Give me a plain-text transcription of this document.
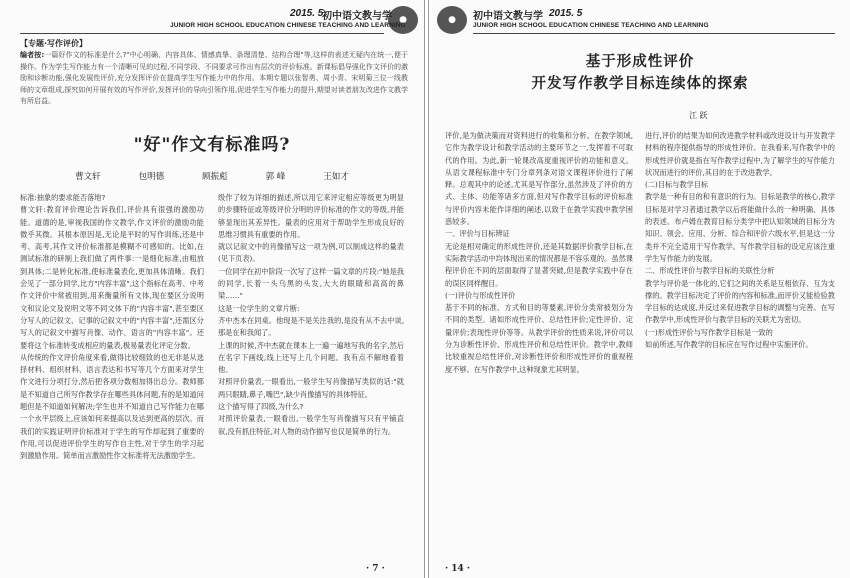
●
2015. 5
初中语文教与学
JUNIOR HIGH SCHOOL EDUCATION CHINESE TEACHING AND LEARNING
【专题·写作评价】
编者按:一篇好作文的标准是什么?"中心明确、内容具体、情感真挚、条理清楚、结构合理"等,这样的表述无疑内在统一,便于操作。作为学生写作能力有一个清晰可见的过程,不同学段、不同要求可作出有层次的评价标准。新课标倡导强化作文评价的激励和诊断功能,强化发展性评价,充分发挥评价在提高学生写作能力中的作用。本期专题以张智勇、周小青、宋明菊三位一线教师的文章组成,探究如何开展有效的写作评价,发挥评价的导向引领作用,促进学生写作能力的提升,期望对读者朋友改进作文教学有所启益。
"好"作文有标准吗?
曹文轩	包明德	顾振彪	郭 峰	王如才
标准:抽象的要求能否落地?
曹文轩:教育评价理论告诉我们,评价具有很强的激励功能。道德的是,审视我国的作文教学,作文评价的激励功能微乎其微。其根本原因是,无论是平时的写作训练,还是中考、高考,其作文评价标准都是模糊不可感知的。比如,在测试标准的研制上我们做了两件事:一是细化标准,由粗放到具体;二是转化标准,使标准量表化,更加具体清晰。我们会见了一部分同学,比方"内容丰富",这个指标在高考、中考作文评价中常被用到,用来衡量所有文体,现在要区分说明文和议论文及说明文等不同文体下的"内容丰富",甚至要区分写人的记叙文、记事的记叙文中的"内容丰富",还需区分写人的记叙文中描写肖像、动作、语言的"内容丰富"。还要将这个标准转变成相应的量表,极易量表化评定分数。
从传统的作文评价角度来看,做得比较细致的也无非是从选择材料、组织材料、语言表达和书写等几个方面来对学生作文进行分项打分,然后把各项分数相加得出总分。教师都是不知道自己所写作教学存在哪些具体问题,有的是知道问题但是不知道如何解决;学生也并不知道自己写作能力在哪一个水平层级上,应该如何来提高以及达到更高的层次。而我们的实践证明评价标准对于学生的写作却起到了重要的作用,可以促进评价学生的写作自主性,对于学生的学习起到激励作用。简单而言激励性作文标准将无法激励学生。
级作了较为详细的描述,所以用它来评定相应等级更为明显的步骤特征或等级评价分明的评价标准的作文的等级,并能够显现出其差异性。量表的应用对于帮助学生形成良好的思维习惯具有重要的作用。
就以记叙文中的肖像描写这一项为例,可以制成这样的量表(见下页表)。
一位同学在初中阶段一次写了这样一篇文章的片段:"她是我的同学,长着一头乌黑的头发,大大的眼睛和高高的鼻梁……"
这是一位学生的文章片断:
齐中杰本在同桌。他现是不是关注我的,是没有从不去中谈,那是在和我闻了。
上课的时候,齐中杰就在课本上一遍一遍地写我的名字,然后在名字下画线,线上还写上几个问题。我有点不解地看着他。
对照评价量表,一眼看出,一般学生写肖像描写类似的话:"就两只眼睛,鼻子,嘴巴",缺少肖像描写的具体特征。
这个描写得了四级,为什么?
对照评价量表,一眼看出,一般学生写肖像描写只有平铺直叙,没有抓住特征,对人物的动作描写也仅是简单的行为。
· 7 ·
●	初中语文教与学 2015. 5
JUNIOR HIGH SCHOOL EDUCATION CHINESE TEACHING AND LEARNING
基于形成性评价
开发写作教学目标连续体的探索
江 跃
评价,是为做决策而对资料进行的收集和分析。在教学领域,它作为教学设计和教学活动的主要环节之一,发挥着不可取代的作用。为此,新一轮课改高度重视评价的功能和意义。从语文课程标准中专门分章列条对语文课程评价进行了阐释。总观其中的论述,尤其是写作部分,虽然涉及了评价的方式、主体、功能等诸多方面,但对写作教学目标的评价标准与评价内容未能作详细的阐述,以致于在教学实践中教学困惑较多。
一、评价与目标辨证
无论是相对确定的形成性评价,还是其数据评价教学目标,在实际教学活动中均体现出来的情况都是不容乐观的。虽然课程评价在不同的层面取得了显著突破,但是教学实践中存在的误区同样醒目。
(一)评价与形成性评价
基于不同的标准、方式和目的等要素,评价分类常被划分为不同的类型。诸如形成性评价、总结性评价;定性评价、定量评价;表现性评价等等。从教学评价的性质来说,评价可以分为诊断性评价、形成性评价和总结性评价。教学中,教师比较重视总结性评价,对诊断性评价和形成性评价的重视程度不够。在写作教学中,这种现象尤其明显。
进行,评价的结果为如何改进教学材料或改进设计与开发教学材料的程序提供指导的形成性评价。在我看来,写作教学中的形成性评价就是指在写作教学过程中,为了解学生的写作能力状况而进行的评价,其目的在于改进教学。
(二)目标与教学目标
教学是一种有目的和有意识的行为。目标是教学的核心,教学目标是对学习者通过教学以后将能做什么的一种明确、具体的表述。布卢姆在教育目标分类学中把认知领域的目标分为知识、领会、应用、分析、综合和评价六级水平,但是这一分类并不完全适用于写作教学。写作教学目标的设定应该注重学生写作能力的发展。
二、形成性评价与教学目标的关联性分析
教学与评价是一体化的,它们之间的关系是互相依存、互为支撑的。教学目标决定了评价的内容和标准,而评价又能检验教学目标的达成度,并反过来促进教学目标的调整与完善。在写作教学中,形成性评价与教学目标的关联尤为密切。
(一)形成性评价与写作教学目标是一致的
如前所述,写作教学的目标应在写作过程中实施评价。
· 14 ·
